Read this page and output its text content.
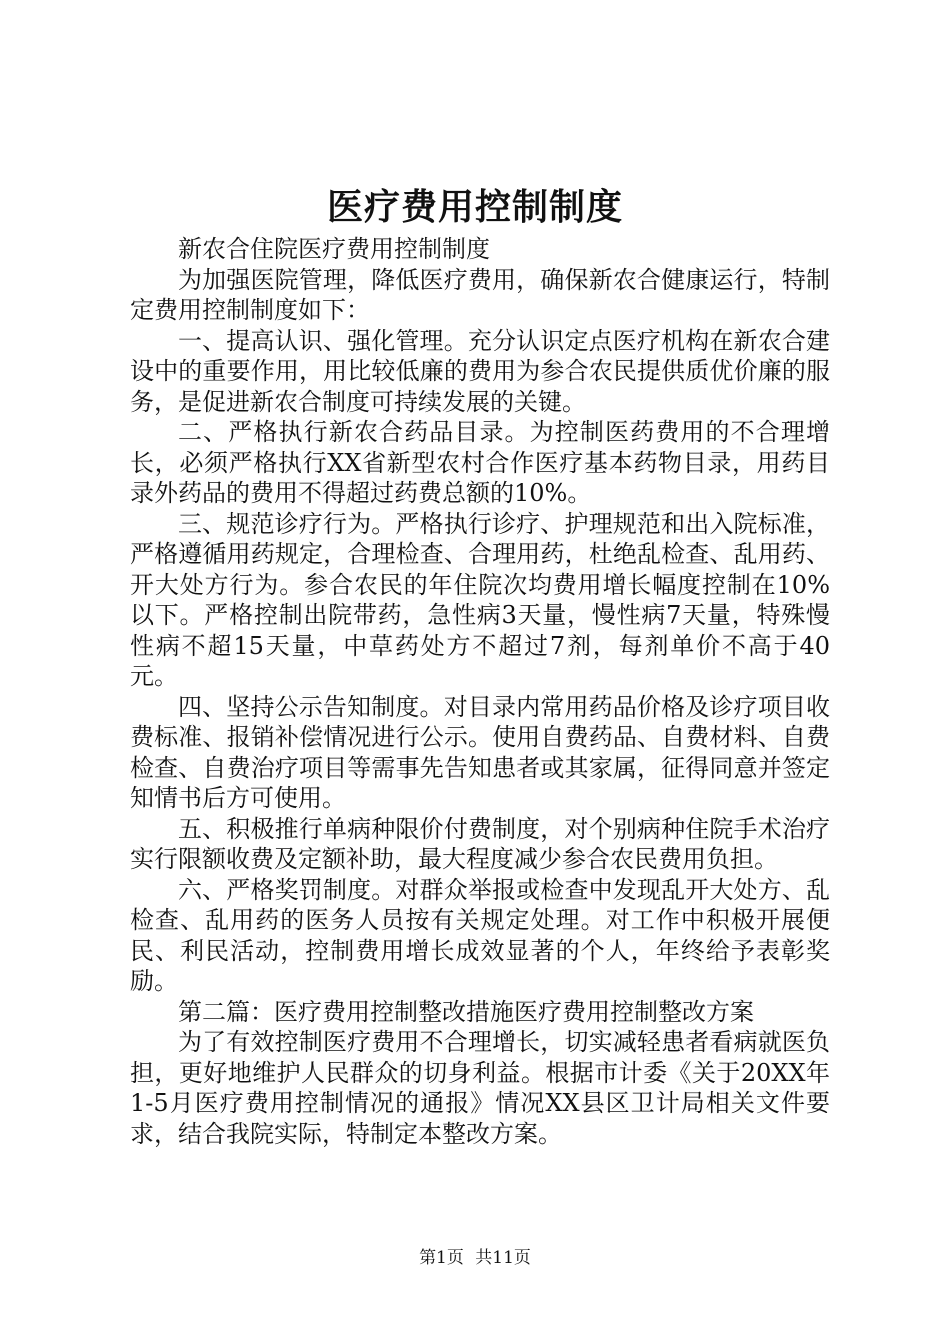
医疗费用控制制度

新农合住院医疗费用控制制度

为加强医院管理，降低医疗费用，确保新农合健康运行，特制定费用控制制度如下：

一、提高认识、强化管理。充分认识定点医疗机构在新农合建设中的重要作用，用比较低廉的费用为参合农民提供质优价廉的服务，是促进新农合制度可持续发展的关键。

二、严格执行新农合药品目录。为控制医药费用的不合理增长，必须严格执行XX省新型农村合作医疗基本药物目录，用药目录外药品的费用不得超过药费总额的10%。

三、规范诊疗行为。严格执行诊疗、护理规范和出入院标准，严格遵循用药规定，合理检查、合理用药，杜绝乱检查、乱用药、开大处方行为。参合农民的年住院次均费用增长幅度控制在10%以下。严格控制出院带药，急性病3天量，慢性病7天量，特殊慢性病不超15天量，中草药处方不超过7剂，每剂单价不高于40元。

四、坚持公示告知制度。对目录内常用药品价格及诊疗项目收费标准、报销补偿情况进行公示。使用自费药品、自费材料、自费检查、自费治疗项目等需事先告知患者或其家属，征得同意并签定知情书后方可使用。

五、积极推行单病种限价付费制度，对个别病种住院手术治疗实行限额收费及定额补助，最大程度减少参合农民费用负担。

六、严格奖罚制度。对群众举报或检查中发现乱开大处方、乱检查、乱用药的医务人员按有关规定处理。对工作中积极开展便民、利民活动，控制费用增长成效显著的个人，年终给予表彰奖励。

第二篇：医疗费用控制整改措施医疗费用控制整改方案

为了有效控制医疗费用不合理增长，切实减轻患者看病就医负担，更好地维护人民群众的切身利益。根据市计委《关于20XX年1-5月医疗费用控制情况的通报》情况XX县区卫计局相关文件要求，结合我院实际，特制定本整改方案。

第1页 共11页
